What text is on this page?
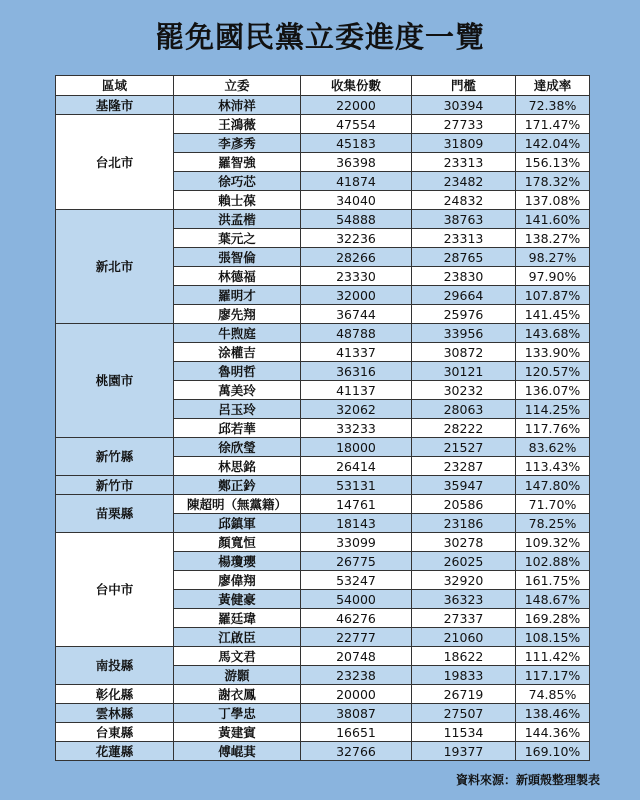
罷免國民黨立委進度一覽
區域	立委	收集份數	門檻	達成率
基隆市	林沛祥	22000	30394	72.38%
台北市	王鴻薇	47554	27733	171.47%
	李彥秀	45183	31809	142.04%
	羅智強	36398	23313	156.13%
	徐巧芯	41874	23482	178.32%
	賴士葆	34040	24832	137.08%
新北市	洪孟楷	54888	38763	141.60%
	葉元之	32236	23313	138.27%
	張智倫	28266	28765	98.27%
	林德福	23330	23830	97.90%
	羅明才	32000	29664	107.87%
	廖先翔	36744	25976	141.45%
桃園市	牛煦庭	48788	33956	143.68%
	涂權吉	41337	30872	133.90%
	魯明哲	36316	30121	120.57%
	萬美玲	41137	30232	136.07%
	呂玉玲	32062	28063	114.25%
	邱若華	33233	28222	117.76%
新竹縣	徐欣瑩	18000	21527	83.62%
	林思銘	26414	23287	113.43%
新竹市	鄭正鈐	53131	35947	147.80%
苗栗縣	陳超明（無黨籍）	14761	20586	71.70%
	邱鎮軍	18143	23186	78.25%
台中市	顏寬恒	33099	30278	109.32%
	楊瓊瓔	26775	26025	102.88%
	廖偉翔	53247	32920	161.75%
	黃健豪	54000	36323	148.67%
	羅廷瑋	46276	27337	169.28%
	江啟臣	22777	21060	108.15%
南投縣	馬文君	20748	18622	111.42%
	游顥	23238	19833	117.17%
彰化縣	謝衣鳳	20000	26719	74.85%
雲林縣	丁學忠	38087	27507	138.46%
台東縣	黃建賓	16651	11534	144.36%
花蓮縣	傅崐萁	32766	19377	169.10%
資料來源：新頭殼整理製表
